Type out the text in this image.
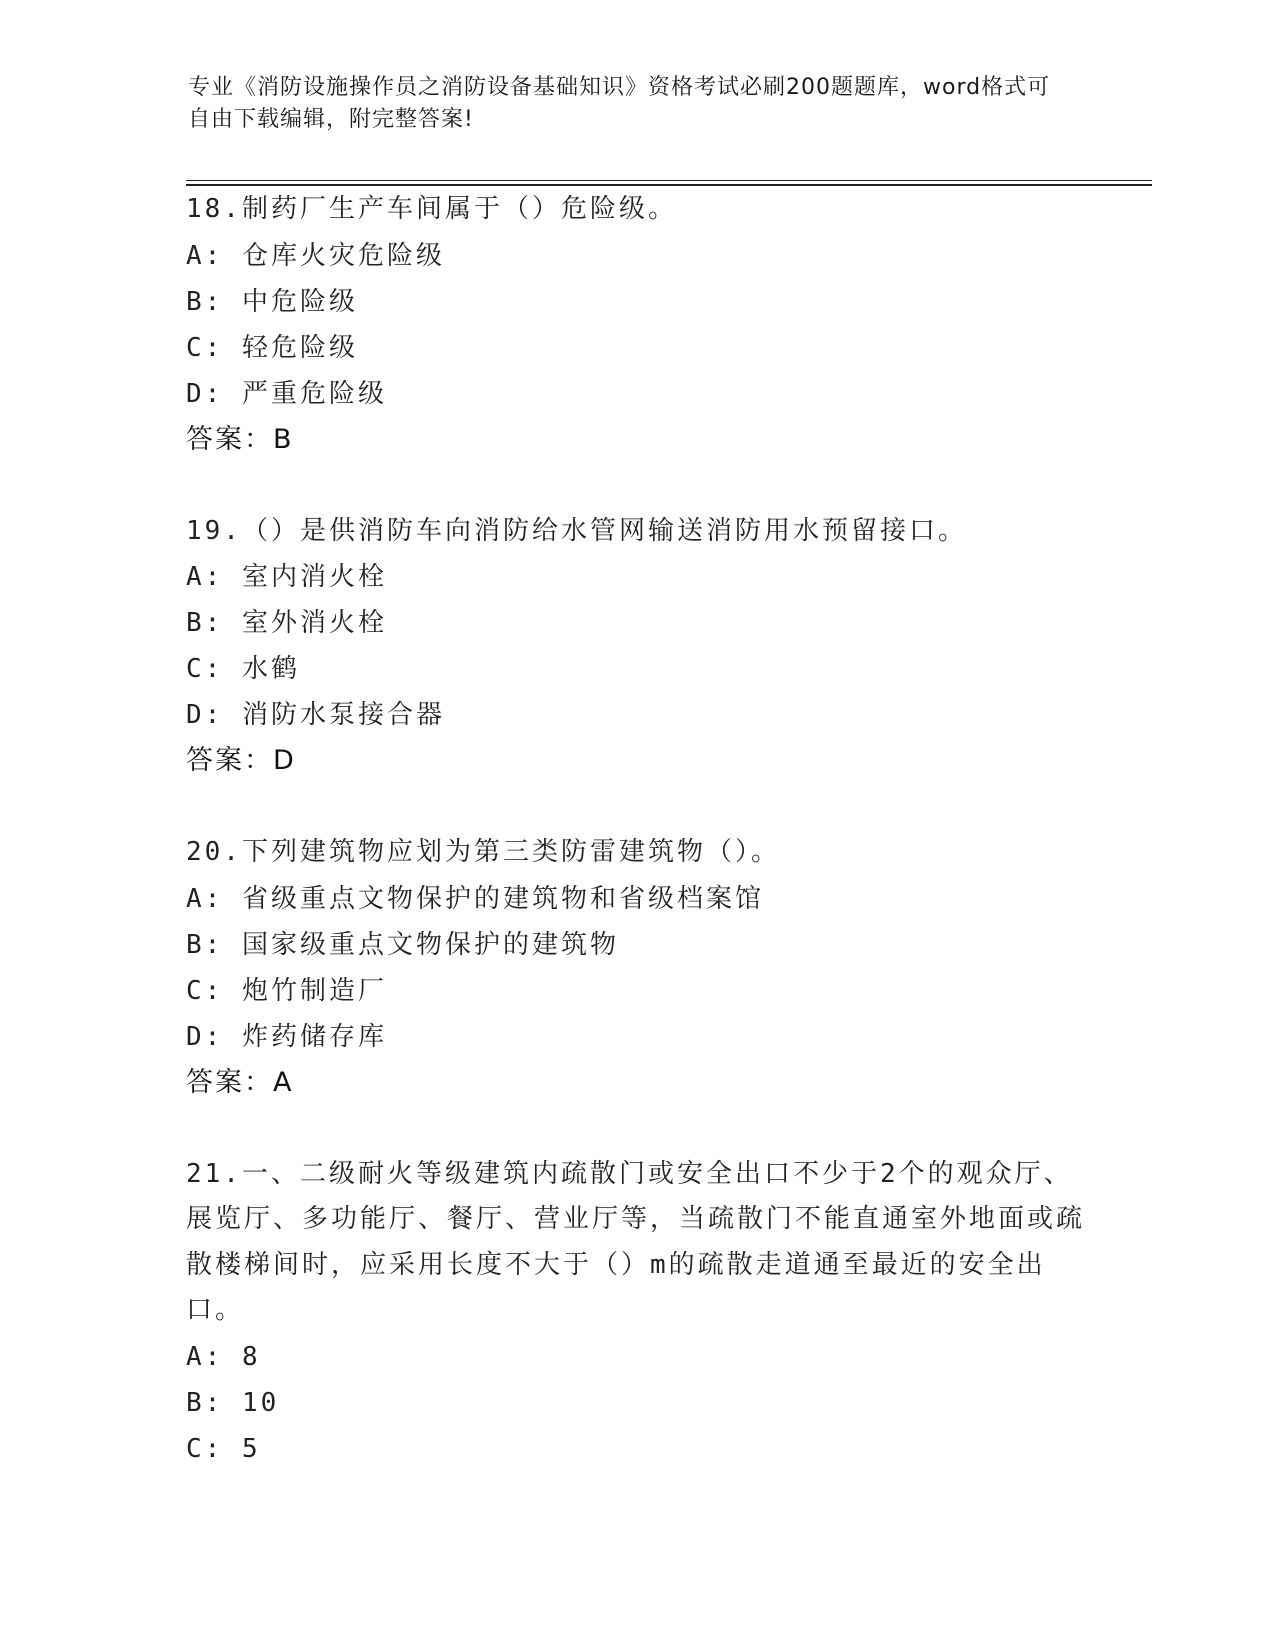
专业《消防设施操作员之消防设备基础知识》资格考试必刷200题题库，word格式可自由下载编辑，附完整答案!

18.制药厂生产车间属于（）危险级。

A: 仓库火灾危险级

B: 中危险级

C: 轻危险级

D: 严重危险级

答案：B

19.（）是供消防车向消防给水管网输送消防用水预留接口。

A: 室内消火栓

B: 室外消火栓

C: 水鹤

D: 消防水泵接合器

答案：D

20.下列建筑物应划为第三类防雷建筑物（）。

A: 省级重点文物保护的建筑物和省级档案馆

B: 国家级重点文物保护的建筑物

C: 炮竹制造厂

D: 炸药储存库

答案：A

21.一、二级耐火等级建筑内疏散门或安全出口不少于2个的观众厅、展览厅、多功能厅、餐厅、营业厅等，当疏散门不能直通室外地面或疏散楼梯间时，应采用长度不大于（）m的疏散走道通至最近的安全出口。

A: 8

B: 10

C: 5
